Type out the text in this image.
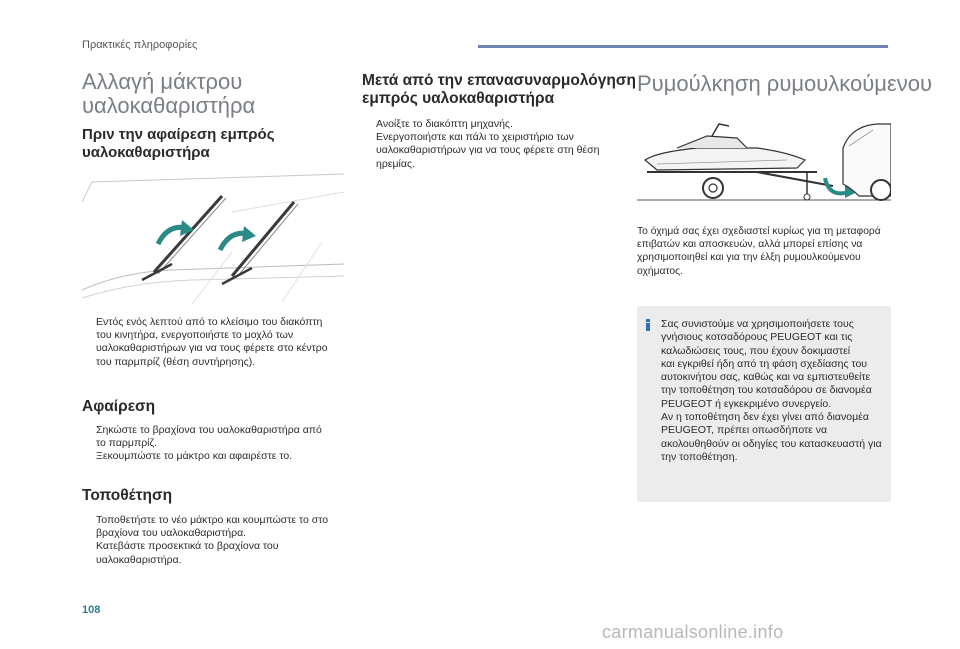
Πρακτικές πληροφορίες
Αλλαγή μάκτρου
υαλοκαθαριστήρα
Πριν την αφαίρεση εμπρός
υαλοκαθαριστήρα
Εντός ενός λεπτού από το κλείσιμο του διακόπτη
του κινητήρα, ενεργοποιήστε το μοχλό των
υαλοκαθαριστήρων για να τους φέρετε στο κέντρο
του παρμπρίζ (θέση συντήρησης).
Αφαίρεση
Σηκώστε το βραχίονα του υαλοκαθαριστήρα από
το παρμπρίζ.
Ξεκουμπώστε το μάκτρο και αφαιρέστε το.
Τοποθέτηση
Τοποθετήστε το νέο μάκτρο και κουμπώστε το στο
βραχίονα του υαλοκαθαριστήρα.
Κατεβάστε προσεκτικά το βραχίονα του
υαλοκαθαριστήρα.
Μετά από την επανασυναρμολόγηση
εμπρός υαλοκαθαριστήρα
Ανοίξτε το διακόπτη μηχανής.
Ενεργοποιήστε και πάλι το χειριστήριο των
υαλοκαθαριστήρων για να τους φέρετε στη θέση
ηρεμίας.
Ρυμούλκηση ρυμουλκούμενου
Το όχημά σας έχει σχεδιαστεί κυρίως για τη μεταφορά
επιβατών και αποσκευών, αλλά μπορεί επίσης να
χρησιμοποιηθεί και για την έλξη ρυμουλκούμενου
οχήματος.
Σας συνιστούμε να χρησιμοποιήσετε τους
γνήσιους κοτσαδόρους PEUGEOT και τις
καλωδιώσεις τους, που έχουν δοκιμαστεί
και εγκριθεί ήδη από τη φάση σχεδίασης του
αυτοκινήτου σας, καθώς και να εμπιστευθείτε
την τοποθέτηση του κοτσαδόρου σε διανομέα
PEUGEOT ή εγκεκριμένο συνεργείο.
Αν η τοποθέτηση δεν έχει γίνει από διανομέα
PEUGEOT, πρέπει οπωσδήποτε να
ακολουθηθούν οι οδηγίες του κατασκευαστή για
την τοποθέτηση.
108
carmanualsonline.info
